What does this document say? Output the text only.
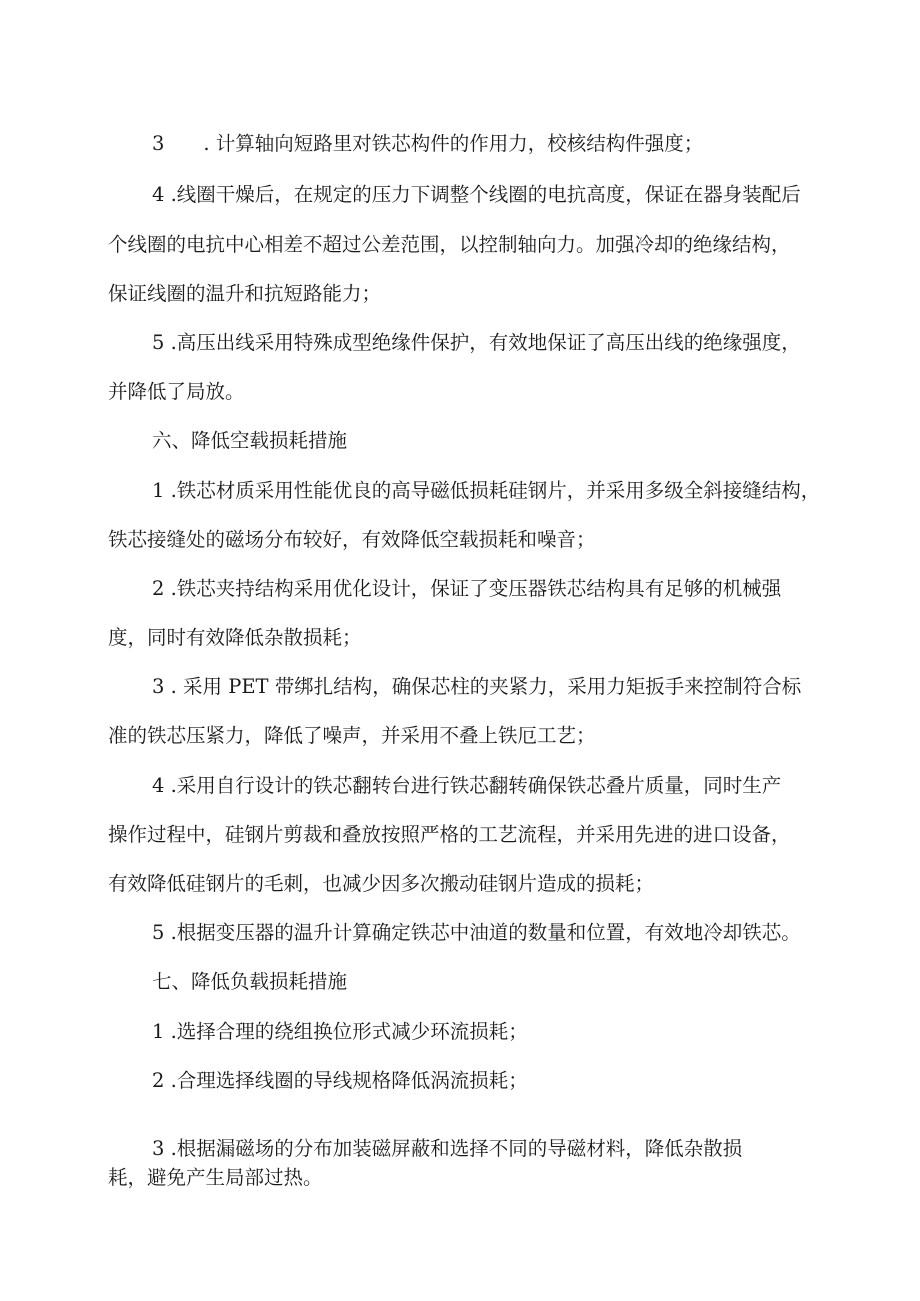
3　　. 计算轴向短路里对铁芯构件的作用力，校核结构件强度；
4 .线圈干燥后，在规定的压力下调整个线圈的电抗高度，保证在器身装配后
个线圈的电抗中心相差不超过公差范围，以控制轴向力。加强冷却的绝缘结构，
保证线圈的温升和抗短路能力；
5 .高压出线采用特殊成型绝缘件保护，有效地保证了高压出线的绝缘强度，
并降低了局放。
六、降低空载损耗措施
1 .铁芯材质采用性能优良的高导磁低损耗硅钢片，并采用多级全斜接缝结构，
铁芯接缝处的磁场分布较好，有效降低空载损耗和噪音；
2 .铁芯夹持结构采用优化设计，保证了变压器铁芯结构具有足够的机械强
度，同时有效降低杂散损耗；
3 . 采用 PET 带绑扎结构，确保芯柱的夹紧力，采用力矩扳手来控制符合标
准的铁芯压紧力，降低了噪声，并采用不叠上铁厄工艺；
4 .采用自行设计的铁芯翻转台进行铁芯翻转确保铁芯叠片质量，同时生产
操作过程中，硅钢片剪裁和叠放按照严格的工艺流程，并采用先进的进口设备，
有效降低硅钢片的毛刺，也减少因多次搬动硅钢片造成的损耗；
5 .根据变压器的温升计算确定铁芯中油道的数量和位置，有效地冷却铁芯。
七、降低负载损耗措施
1 .选择合理的绕组换位形式减少环流损耗；
2 .合理选择线圈的导线规格降低涡流损耗；
3 .根据漏磁场的分布加装磁屏蔽和选择不同的导磁材料，降低杂散损
耗，避免产生局部过热。
